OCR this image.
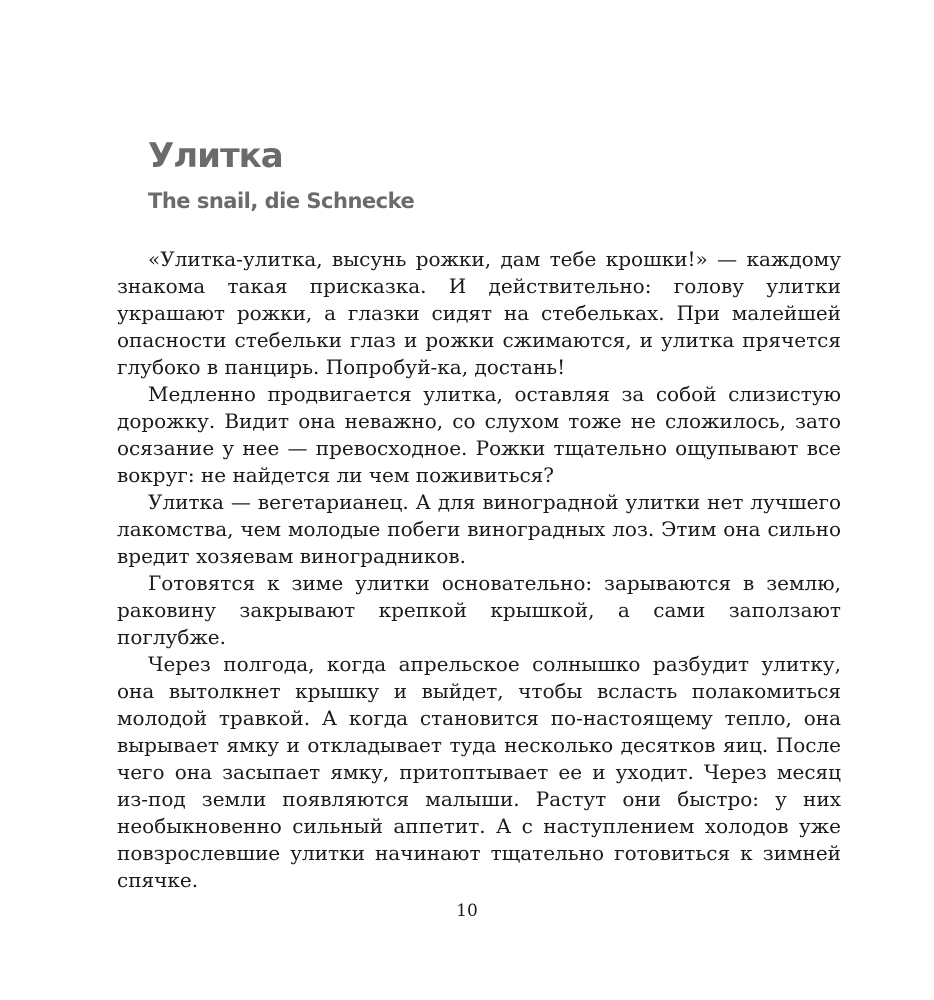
Улитка
The snail, die Schnecke

«Улитка-улитка, высунь рожки, дам тебе крошки!» — каждому знакома такая присказка. И действительно: голову улитки украшают рожки, а глазки сидят на стебельках. При малейшей опасности стебельки глаз и рожки сжимаются, и улитка прячется глубоко в панцирь. Попробуй-ка, достань!

Медленно продвигается улитка, оставляя за собой слизистую дорожку. Видит она неважно, со слухом тоже не сложилось, зато осязание у нее — превосходное. Рожки тщательно ощупывают все вокруг: не найдется ли чем поживиться?

Улитка — вегетарианец. А для виноградной улитки нет лучшего лакомства, чем молодые побеги виноградных лоз. Этим она сильно вредит хозяевам виноградников.

Готовятся к зиме улитки основательно: зарываются в землю, раковину закрывают крепкой крышкой, а сами заползают поглубже.

Через полгода, когда апрельское солнышко разбудит улитку, она вытолкнет крышку и выйдет, чтобы всласть полакомиться молодой травкой. А когда становится по-настоящему тепло, она вырывает ямку и откладывает туда несколько десятков яиц. После чего она засыпает ямку, притоптывает ее и уходит. Через месяц из-под земли появляются малыши. Растут они быстро: у них необыкновенно сильный аппетит. А с наступлением холодов уже повзрослевшие улитки начинают тщательно готовиться к зимней спячке.

10
